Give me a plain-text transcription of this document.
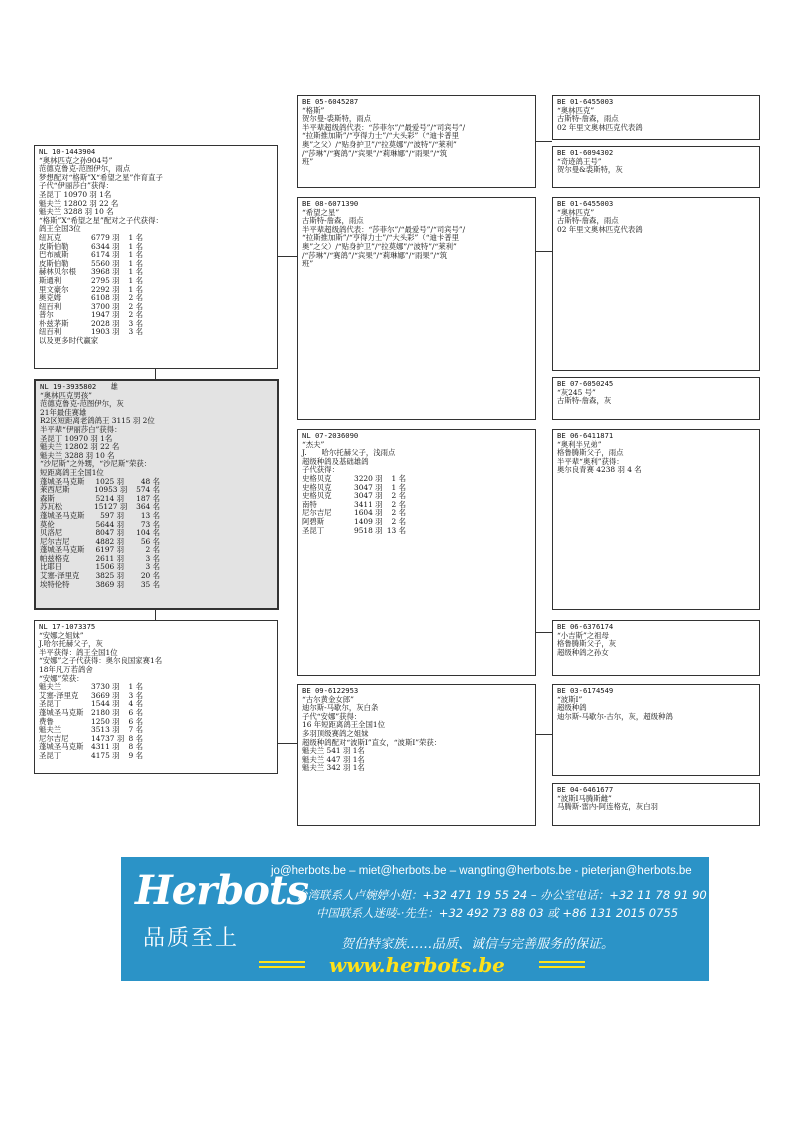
NL 10-1443904
“奥林匹克之孙904号”
范德克鲁克-范图伊尔，雨点
梦想配对“格斯”X“希望之星”作育直子
子代“伊丽莎白”获得：
圣昆丁 10970 羽 1名
魁夫兰 12802 羽 22 名
魁夫兰 3288 羽 10 名
“格斯”X“希望之星”配对之子代获得：
鸽王全国3位
纽瓦克	6779 羽 1 名
皮斯伯勒	6344 羽 1 名
巴布威斯	6174 羽 1 名
皮斯伯勒	5560 羽 1 名
赫林贝尔根 3968 羽 1 名
斯通利	2795 羽 1 名
里文豪尔	2292 羽 1 名
奥克姆	6108 羽 2 名
纽百利	3700 羽 2 名
普尔	1947 羽 2 名
朴兹茅斯	2028 羽 3 名
纽百利	1903 羽 3 名
以及更多时代赢家
NL 19-3935802　　 雄
“奥林匹克男孩”
范德克鲁克-范图伊尔，灰
21年最佳赛雄
R2区短距离老鸽鸽王 3115 羽 2位
半平辈“伊丽莎白”获得：
圣昆丁 10970 羽 1名
魁夫兰 12802 羽 22 名
魁夫兰 3288 羽 10 名
“沙尼斯”之外甥，“沙尼斯”荣获：
短距离鸽王全国1位
蓬城圣马克斯 1025 羽 48 名
莱西尼斯	10953 羽 574 名
森斯	5214 羽 187 名
苏瓦松	15127 羽 364 名
蓬城圣马克斯 597 羽 13 名
莫伦	5644 羽 73 名
贝洛尼	8047 羽 104 名
尼尔吉尼	4882 羽 56 名
蓬城圣马克斯 6197 羽	2 名
帕兹格克	2611 羽	3 名
比耶日	1506 羽	3 名
艾塞-泽里克 3825 羽 20 名
埃特伦特	3869 羽 35 名
NL 17-1073375
“安娜之姐妹”
J.哈尔托赫父子，灰
半平获得：鸽王全国1位
“安娜”之子代获得：奥尔良国家赛1名
18年凡万若鸽舍
“安娜”荣获：
魁夫兰	3730 羽 1 名
艾塞-泽里克 3669 羽 3 名
圣昆丁	1544 羽 4 名
蓬城圣马克斯 2180 羽 6 名
费鲁	1250 羽 6 名
魁夫兰	3513 羽 7 名
尼尔吉尼	14737 羽 8 名
蓬城圣马克斯 4311 羽 8 名
圣昆丁	4175 羽 9 名
BE 05-6045287
“格斯”
贺尔曼-裘斯特，雨点
半平辈超级鸽代表：“莎菲尔”/“最爱号”/“司宾号”/
“拉斯推加斯”/“亨得力士”/“大头彩”（“迪卡普里
奥”之父）/“贴身护卫”/“拉莫娜”/“波特”/“莱利”
/“莎琳”/“赛鸽”/“宾果”/“莉琳娜”/“雨果”/“筑
班”
BE 08-6071390
“希望之星”
古斯特-詹森，雨点
半平辈超级鸽代表：“莎菲尔”/“最爱号”/“司宾号”/
“拉斯推加斯”/“亨得力士”/“大头彩”（“迪卡普里
奥”之父）/“贴身护卫”/“拉莫娜”/“波特”/“莱利”
/“莎琳”/“赛鸽”/“宾果”/“莉琳娜”/“雨果”/“筑
班”
NL 07-2036090
“杰夫”
J.　　哈尔托赫父子，浅雨点
超级种鸽及基础雄鸽
子代获得：
史格贝克	3220 羽 1 名
史格贝克	3047 羽 1 名
史格贝克	3047 羽 2 名
南特	3411 羽 2 名
尼尔吉尼	1604 羽 2 名
阿碧斯	1409 羽 2 名
圣昆丁	9518 羽 13 名
BE 09-6122953
“古尔黄金女郎”
迪尔斯-马歇尔，灰白条
子代“安娜”获得：
16 年短距离鸽王全国1位
多羽顶级赛鸽之姐妹
超级种鸽配对“波斯Ⅰ”直女，“波斯Ⅰ”荣获：
魁夫兰 541 羽 1名
魁夫兰 447 羽 1名
魁夫兰 342 羽 1名
BE 01-6455003
“奥林匹克”
古斯特-詹森，雨点
02 年里文奥林匹克代表鸽
BE 01-6094302
“奇迹鸽王号”
贺尔曼&裘斯特，灰
BE 01-6455003
“奥林匹克”
古斯特-詹森，雨点
02 年里文奥林匹克代表鸽
BE 07-6050245
“灰245 号”
古斯特-詹森，灰
BE 06-6411871
“奥利半兄弟”
格鲁腾斯父子，雨点
半平辈“奥利”获得：
奥尔良青赛 4238 羽 4 名
BE 06-6376174
“小吉斯”之祖母
格鲁腾斯父子，灰
超级种鸽之孙女
BE 03-6174549
“波斯Ⅰ”
超级种鸽
迪尔斯-马歇尔-古尔，灰，超级种鸽
BE 04-6461677
“波斯Ⅰ马腾斯雌”
马腾斯·雷内-阿连格克，灰白羽
Herbots
品质至上
jo@herbots.be – miet@herbots.be – wangting@herbots.be - pieterjan@herbots.be
台湾联系人卢婉婷小姐：+32 471 19 55 24 – 办公室电话：+32 11 78 91 90
中国联系人迷唛-·先生：+32 492 73 88 03 或 +86 131 2015 0755
贺伯特家族……品质、诚信与完善服务的保证。
www.herbots.be
